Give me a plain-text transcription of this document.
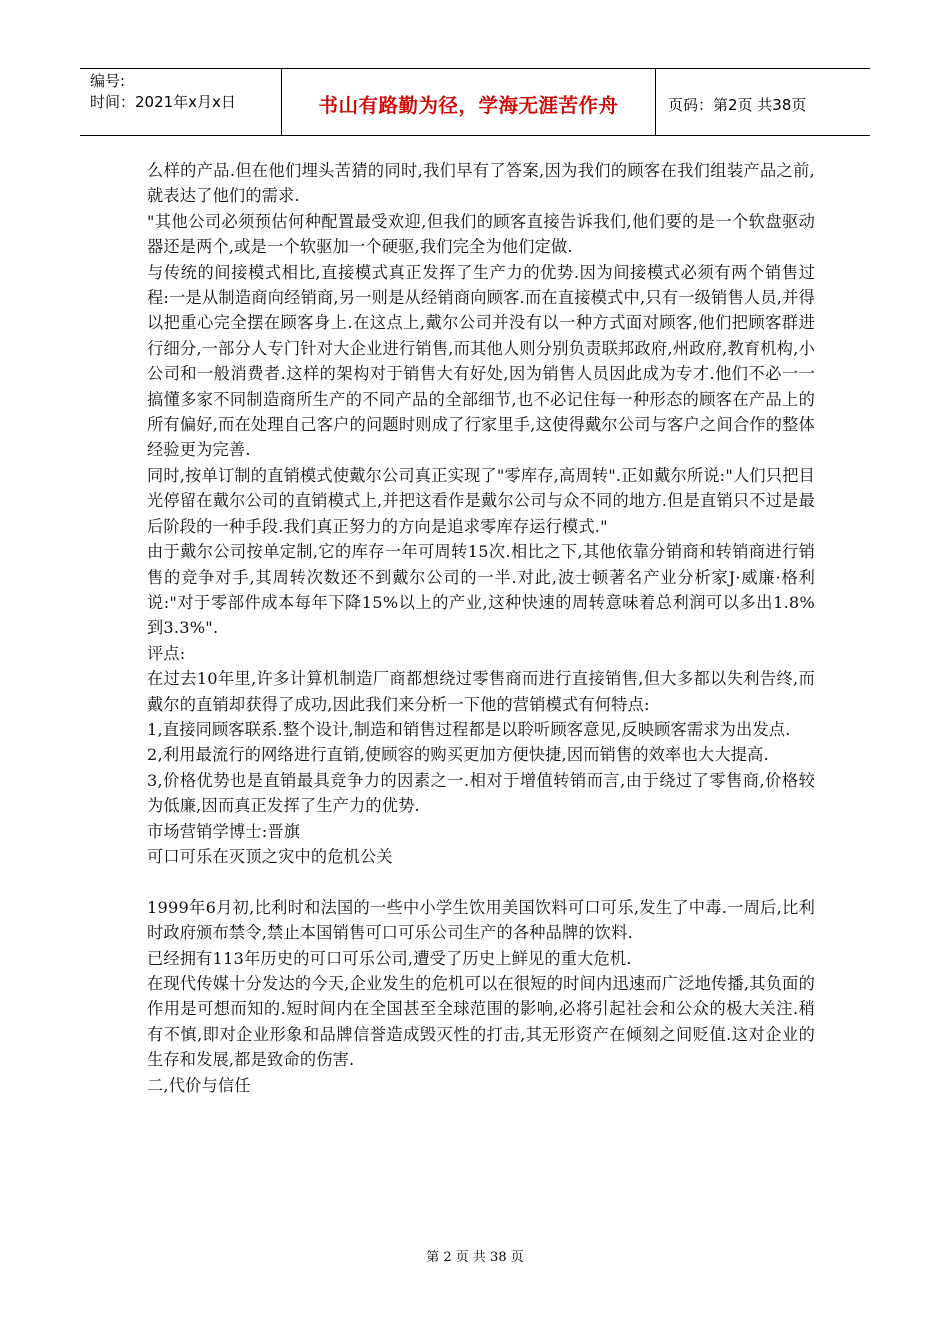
编号:
时间：2021年x月x日	书山有路勤为径，学海无涯苦作舟	页码：第2页 共38页

么样的产品.但在他们埋头苦猜的同时,我们早有了答案,因为我们的顾客在我们组装产品之前,就表达了他们的需求.

"其他公司必须预估何种配置最受欢迎,但我们的顾客直接告诉我们,他们要的是一个软盘驱动器还是两个,或是一个软驱加一个硬驱,我们完全为他们定做.

与传统的间接模式相比,直接模式真正发挥了生产力的优势.因为间接模式必须有两个销售过程:一是从制造商向经销商,另一则是从经销商向顾客.而在直接模式中,只有一级销售人员,并得以把重心完全摆在顾客身上.在这点上,戴尔公司并没有以一种方式面对顾客,他们把顾客群进行细分,一部分人专门针对大企业进行销售,而其他人则分别负责联邦政府,州政府,教育机构,小公司和一般消费者.这样的架构对于销售大有好处,因为销售人员因此成为专才.他们不必一一搞懂多家不同制造商所生产的不同产品的全部细节,也不必记住每一种形态的顾客在产品上的所有偏好,而在处理自己客户的问题时则成了行家里手,这使得戴尔公司与客户之间合作的整体经验更为完善.

同时,按单订制的直销模式使戴尔公司真正实现了"零库存,高周转".正如戴尔所说:"人们只把目光停留在戴尔公司的直销模式上,并把这看作是戴尔公司与众不同的地方.但是直销只不过是最后阶段的一种手段.我们真正努力的方向是追求零库存运行模式."

由于戴尔公司按单定制,它的库存一年可周转15次.相比之下,其他依靠分销商和转销商进行销售的竞争对手,其周转次数还不到戴尔公司的一半.对此,波士顿著名产业分析家J·威廉·格利说:"对于零部件成本每年下降15%以上的产业,这种快速的周转意味着总利润可以多出1.8%到3.3%".

评点:

在过去10年里,许多计算机制造厂商都想绕过零售商而进行直接销售,但大多都以失利告终,而戴尔的直销却获得了成功,因此我们来分析一下他的营销模式有何特点:

1,直接同顾客联系.整个设计,制造和销售过程都是以聆听顾客意见,反映顾客需求为出发点.

2,利用最流行的网络进行直销,使顾容的购买更加方便快捷,因而销售的效率也大大提高.

3,价格优势也是直销最具竞争力的因素之一.相对于增值转销而言,由于绕过了零售商,价格较为低廉,因而真正发挥了生产力的优势.

市场营销学博士:晋旗

可口可乐在灭顶之灾中的危机公关

1999年6月初,比利时和法国的一些中小学生饮用美国饮料可口可乐,发生了中毒.一周后,比利时政府颁布禁令,禁止本国销售可口可乐公司生产的各种品牌的饮料.

已经拥有113年历史的可口可乐公司,遭受了历史上鲜见的重大危机.

在现代传媒十分发达的今天,企业发生的危机可以在很短的时间内迅速而广泛地传播,其负面的作用是可想而知的.短时间内在全国甚至全球范围的影响,必将引起社会和公众的极大关注.稍有不慎,即对企业形象和品牌信誉造成毁灭性的打击,其无形资产在倾刻之间贬值.这对企业的生存和发展,都是致命的伤害.

二,代价与信任

第 2 页 共 38 页
